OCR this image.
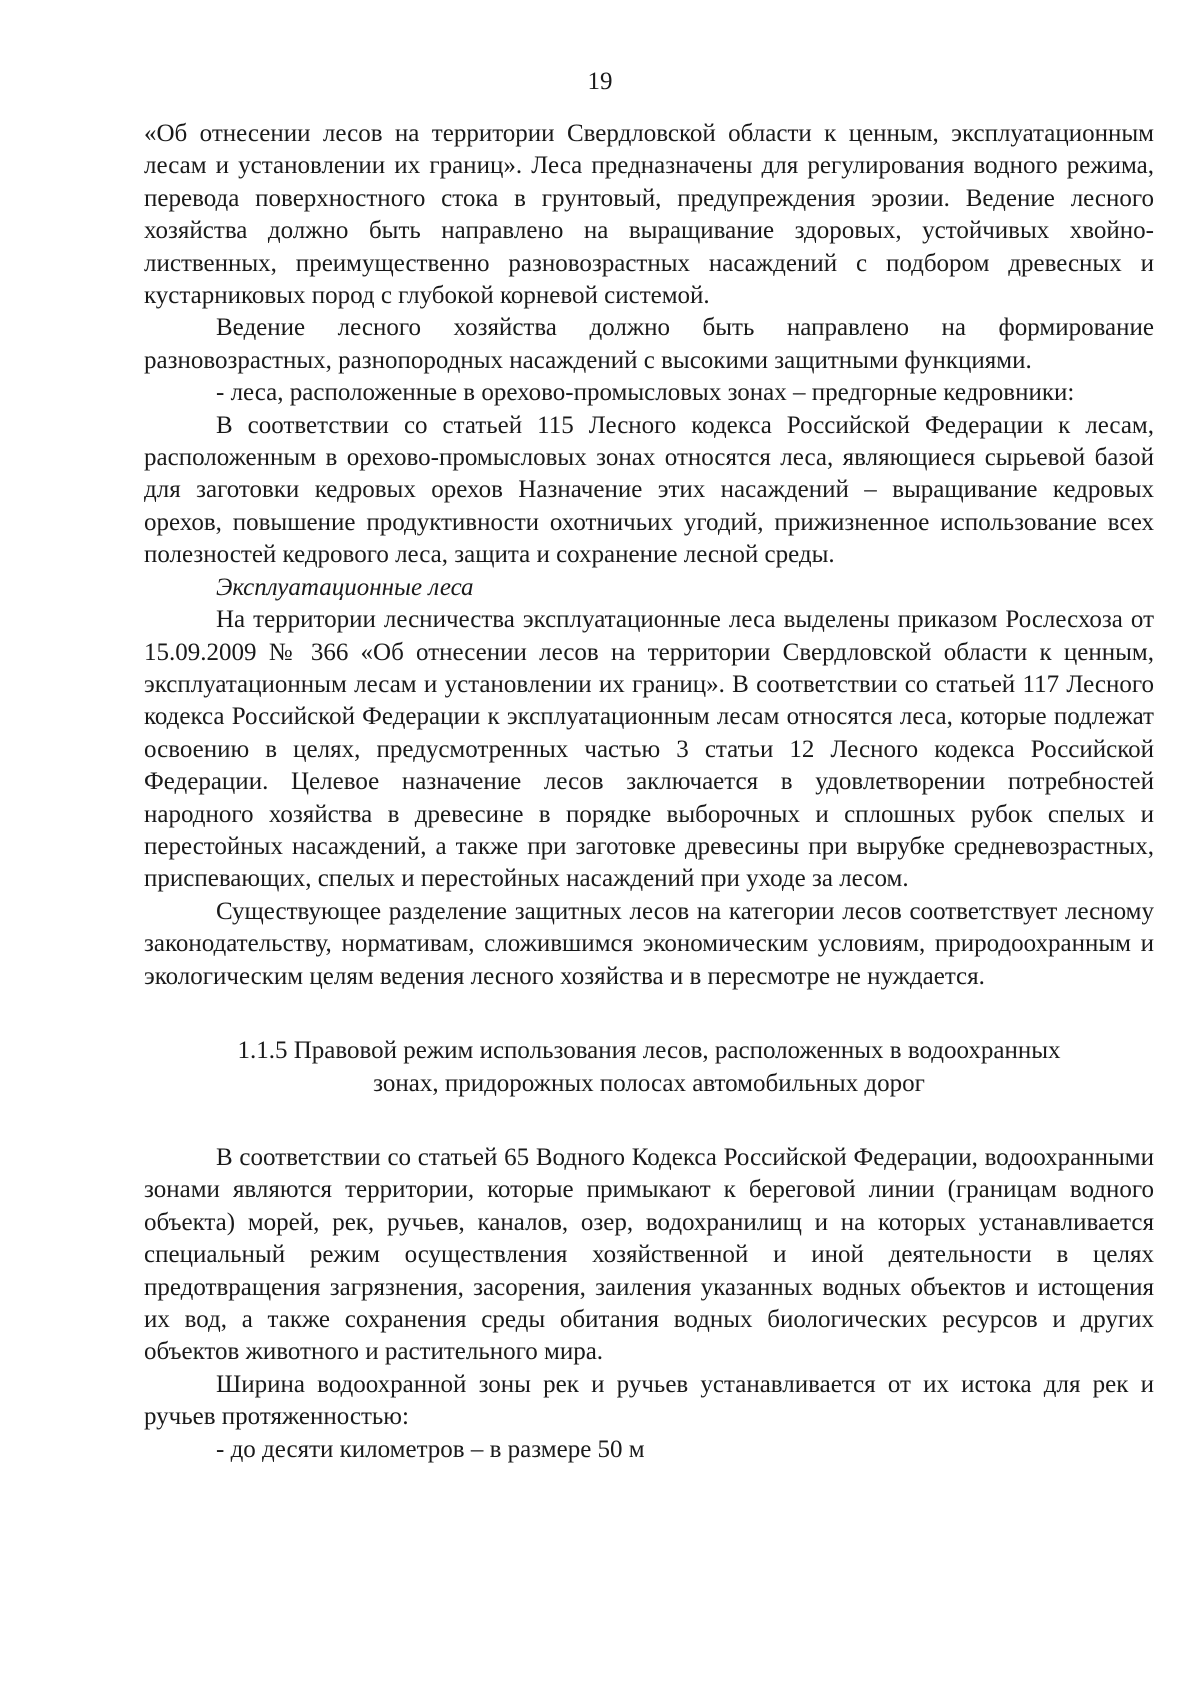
19

«Об отнесении лесов на территории Свердловской области к ценным, эксплуатационным лесам и установлении их границ». Леса предназначены для регулирования водного режима, перевода поверхностного стока в грунтовый, предупреждения эрозии. Ведение лесного хозяйства должно быть направлено на выращивание здоровых, устойчивых хвойно-лиственных, преимущественно разновозрастных насаждений с подбором древесных и кустарниковых пород с глубокой корневой системой.

Ведение лесного хозяйства должно быть направлено на формирование разновозрастных, разнопородных насаждений с высокими защитными функциями.

- леса, расположенные в орехово-промысловых зонах – предгорные кедровники:

В соответствии со статьей 115 Лесного кодекса Российской Федерации к лесам, расположенным в орехово-промысловых зонах относятся леса, являющиеся сырьевой базой для заготовки кедровых орехов Назначение этих насаждений – выращивание кедровых орехов, повышение продуктивности охотничьих угодий, прижизненное использование всех полезностей кедрового леса, защита и сохранение лесной среды.

Эксплуатационные леса

На территории лесничества эксплуатационные леса выделены приказом Рослесхоза от 15.09.2009 № 366 «Об отнесении лесов на территории Свердловской области к ценным, эксплуатационным лесам и установлении их границ». В соответствии со статьей 117 Лесного кодекса Российской Федерации к эксплуатационным лесам относятся леса, которые подлежат освоению в целях, предусмотренных частью 3 статьи 12 Лесного кодекса Российской Федерации. Целевое назначение лесов заключается в удовлетворении потребностей народного хозяйства в древесине в порядке выборочных и сплошных рубок спелых и перестойных насаждений, а также при заготовке древесины при вырубке средневозрастных, приспевающих, спелых и перестойных насаждений при уходе за лесом.

Существующее разделение защитных лесов на категории лесов соответствует лесному законодательству, нормативам, сложившимся экономическим условиям, природоохранным и экологическим целям ведения лесного хозяйства и в пересмотре не нуждается.

1.1.5 Правовой режим использования лесов, расположенных в водоохранных
зонах, придорожных полосах автомобильных дорог

В соответствии со статьей 65 Водного Кодекса Российской Федерации, водоохранными зонами являются территории, которые примыкают к береговой линии (границам водного объекта) морей, рек, ручьев, каналов, озер, водохранилищ и на которых устанавливается специальный режим осуществления хозяйственной и иной деятельности в целях предотвращения загрязнения, засорения, заиления указанных водных объектов и истощения их вод, а также сохранения среды обитания водных биологических ресурсов и других объектов животного и растительного мира.

Ширина водоохранной зоны рек и ручьев устанавливается от их истока для рек и ручьев протяженностью:

- до десяти километров – в размере 50 м
